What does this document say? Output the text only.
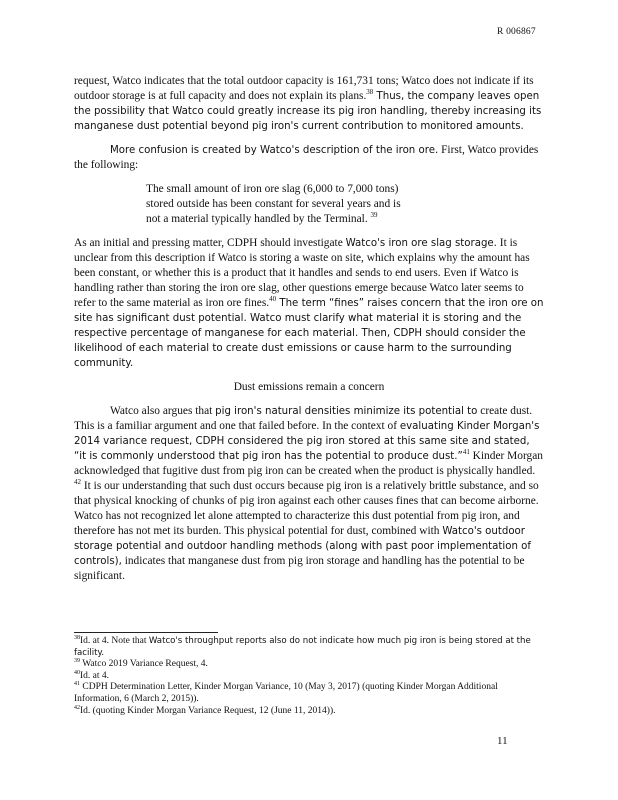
R 006867

request, Watco indicates that the total outdoor capacity is 161,731 tons; Watco does not indicate if its outdoor storage is at full capacity and does not explain its plans.$^{38}$ Thus, the company leaves open the possibility that Watco could greatly increase its pig iron handling, thereby increasing its manganese dust potential beyond pig iron's current contribution to monitored amounts.

More confusion is created by Watco's description of the iron ore. First, Watco provides the following:

The small amount of iron ore slag (6,000 to 7,000 tons) stored outside has been constant for several years and is not a material typically handled by the Terminal. $^{39}$

As an initial and pressing matter, CDPH should investigate Watco's iron ore slag storage. It is unclear from this description if Watco is storing a waste on site, which explains why the amount has been constant, or whether this is a product that it handles and sends to end users. Even if Watco is handling rather than storing the iron ore slag, other questions emerge because Watco later seems to refer to the same material as iron ore fines.$^{40}$ The term “fines” raises concern that the iron ore on site has significant dust potential. Watco must clarify what material it is storing and the respective percentage of manganese for each material. Then, CDPH should consider the likelihood of each material to create dust emissions or cause harm to the surrounding community.

Dust emissions remain a concern

Watco also argues that pig iron's natural densities minimize its potential to create dust. This is a familiar argument and one that failed before. In the context of evaluating Kinder Morgan's 2014 variance request, CDPH considered the pig iron stored at this same site and stated, “it is commonly understood that pig iron has the potential to produce dust.”$^{41}$ Kinder Morgan acknowledged that fugitive dust from pig iron can be created when the product is physically handled. $^{42}$ It is our understanding that such dust occurs because pig iron is a relatively brittle substance, and so that physical knocking of chunks of pig iron against each other causes fines that can become airborne. Watco has not recognized let alone attempted to characterize this dust potential from pig iron, and therefore has not met its burden. This physical potential for dust, combined with Watco's outdoor storage potential and outdoor handling methods (along with past poor implementation of controls), indicates that manganese dust from pig iron storage and handling has the potential to be significant.

$^{38}$Id. at 4. Note that Watco's throughput reports also do not indicate how much pig iron is being stored at the facility.

$^{39}$ Watco 2019 Variance Request, 4.

$^{40}$Id. at 4.

$^{41}$ CDPH Determination Letter, Kinder Morgan Variance, 10 (May 3, 2017) (quoting Kinder Morgan Additional Information, 6 (March 2, 2015)).

$^{42}$Id. (quoting Kinder Morgan Variance Request, 12 (June 11, 2014)).

11
